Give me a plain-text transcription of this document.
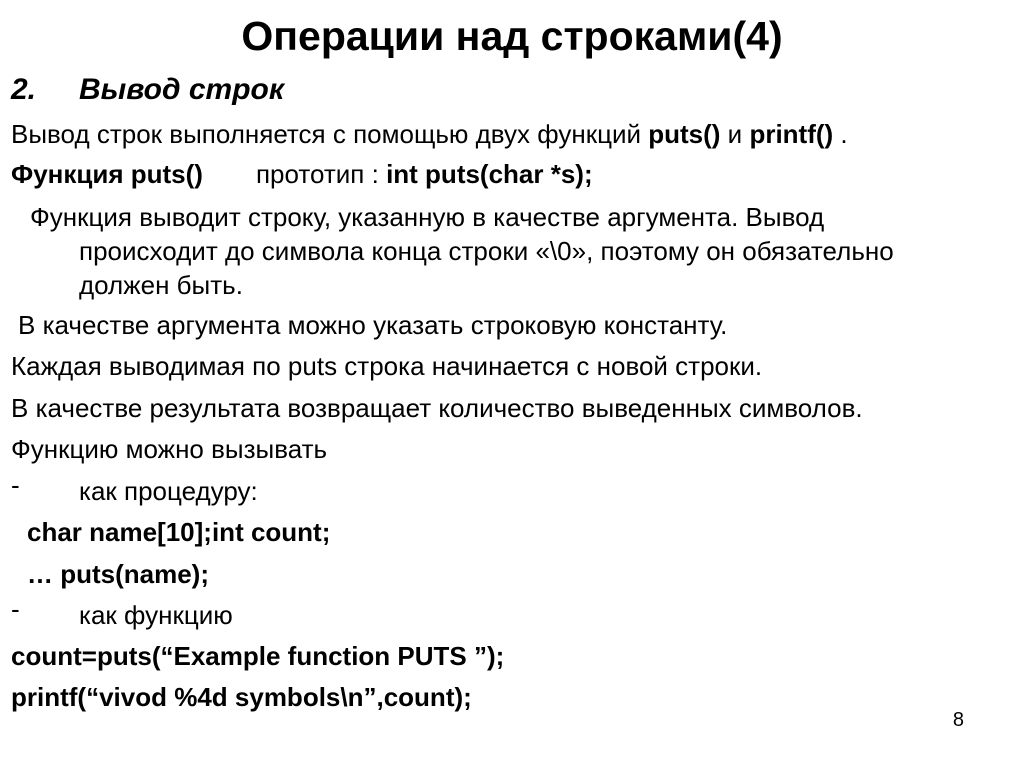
Операции над строками(4)
2. Вывод строк
Вывод строк выполняется с помощью двух функций puts() и printf() .
Функция puts() прототип : int puts(char *s);
Функция выводит строку, указанную в качестве аргумента. Вывод
происходит до символа конца строки «\0», поэтому он обязательно
должен быть.
В качестве аргумента можно указать строковую константу.
Каждая выводимая по puts строка начинается с новой строки.
В качестве результата возвращает количество выведенных символов.
Функцию можно вызывать
- как процедуру:
char name[10];int count;
… puts(name);
- как функцию
count=puts(“Example function PUTS ”);
printf(“vivod %4d symbols\n”,count);
8
